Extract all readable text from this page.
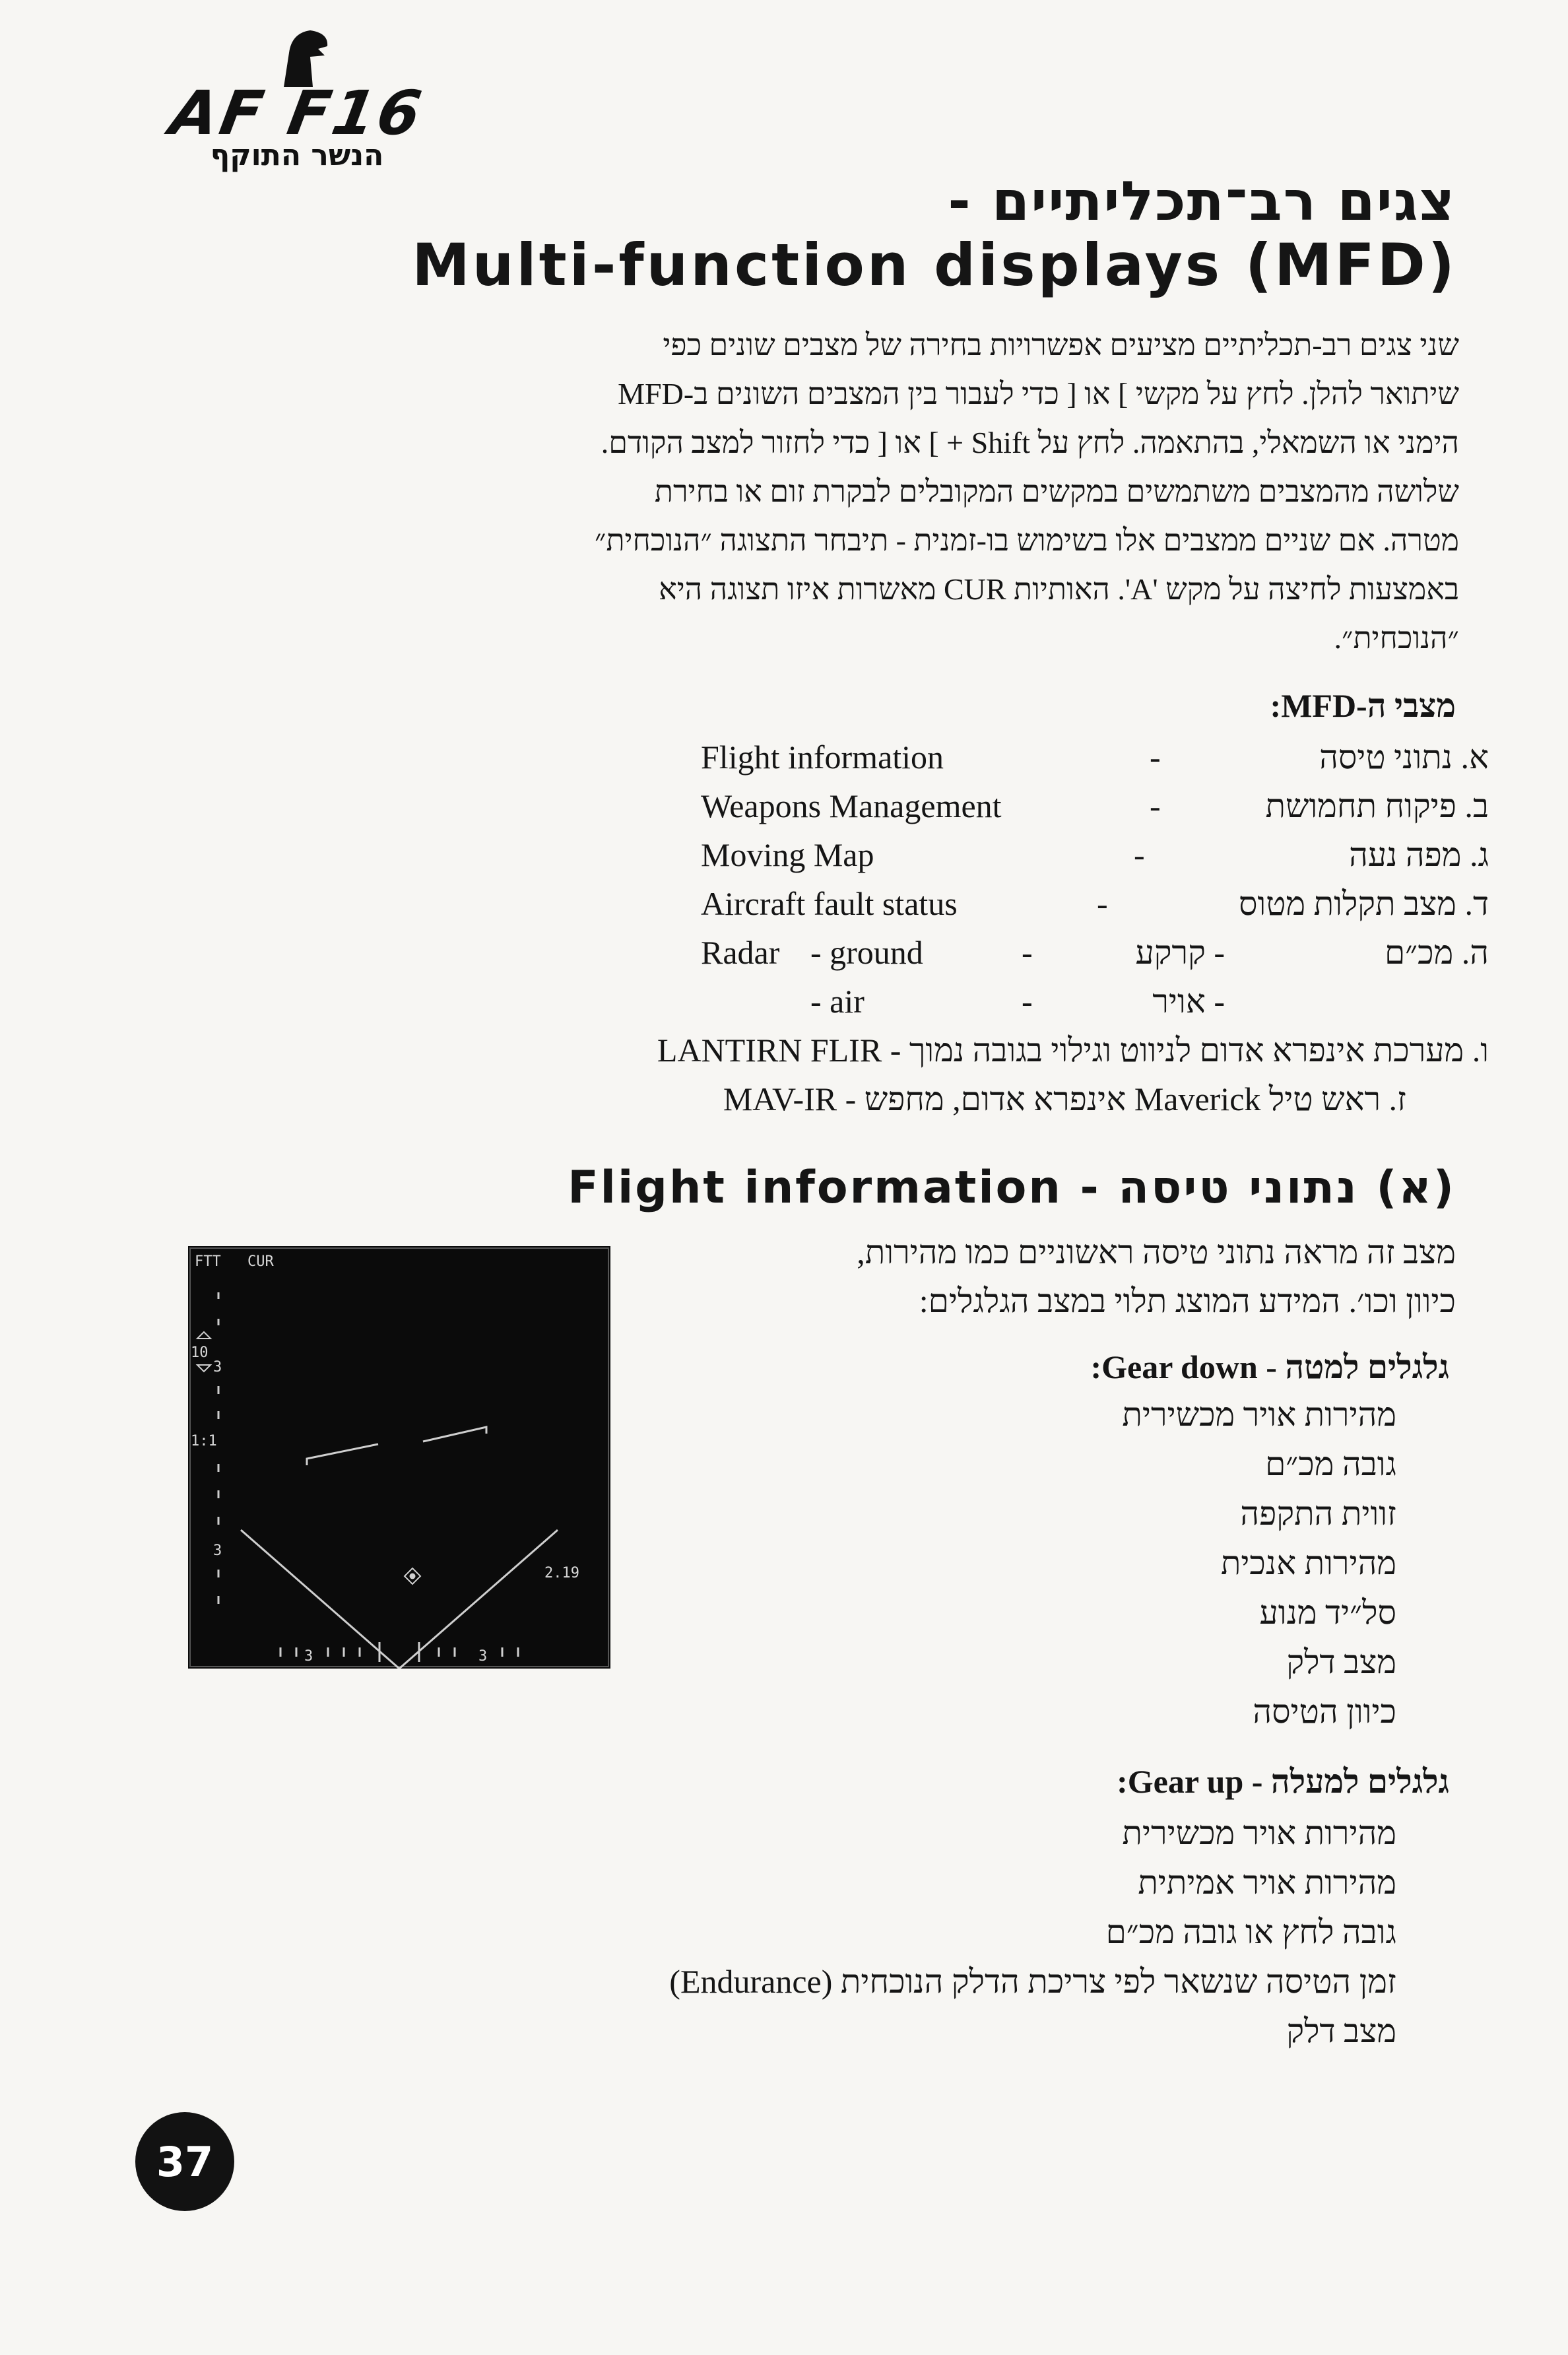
AF F16
הנשר התוקף
צגים רב־תכליתיים -
Multi-function displays (MFD)
שני צגים רב-תכליתיים מציעים אפשרויות בחירה של מצבים שונים כפי
שיתואר להלן. לחץ על מקשי ] או [ כדי לעבור בין המצבים השונים ב-MFD
הימני או השמאלי, בהתאמה. לחץ על Shift + ] או [ כדי לחזור למצב הקודם.
שלושה מהמצבים משתמשים במקשים המקובלים לבקרת זום או בחירת
מטרה. אם שניים ממצבים אלו בשימוש בו-זמנית - תיבחר התצוגה ״הנוכחית״
באמצעות לחיצה על מקש 'A'. האותיות CUR מאשרות איזו תצוגה היא
״הנוכחית״.
מצבי ה-MFD:
א. נתוני טיסה
-
Flight information
ב. פיקוח תחמושת
-
Weapons Management
ג. מפה נעה
-
Moving Map
ד. מצב תקלות מטוס
-
Aircraft fault status
ה. מכ״ם
- קרקע
-
Radar - ground
- אויר
-
- air
ו. מערכת אינפרא אדום לניווט וגילוי בגובה נמוך - LANTIRN FLIR
ז. ראש טיל Maverick אינפרא אדום, מחפש - MAV-IR
Flight information - (א) נתוני טיסה
מצב זה מראה נתוני טיסה ראשוניים כמו מהירות,
כיוון וכו׳. המידע המוצג תלוי במצב הגלגלים:
FTT CUR
10
3
1:1
3
2.19
3	3
גלגלים למטה - Gear down:
מהירות אויר מכשירית
גובה מכ״ם
זווית התקפה
מהירות אנכית
סל״יד מנוע
מצב דלק
כיוון הטיסה
גלגלים למעלה - Gear up:
מהירות אויר מכשירית
מהירות אויר אמיתית
גובה לחץ או גובה מכ״ם
זמן הטיסה שנשאר לפי צריכת הדלק הנוכחית (Endurance)
מצב דלק
37
